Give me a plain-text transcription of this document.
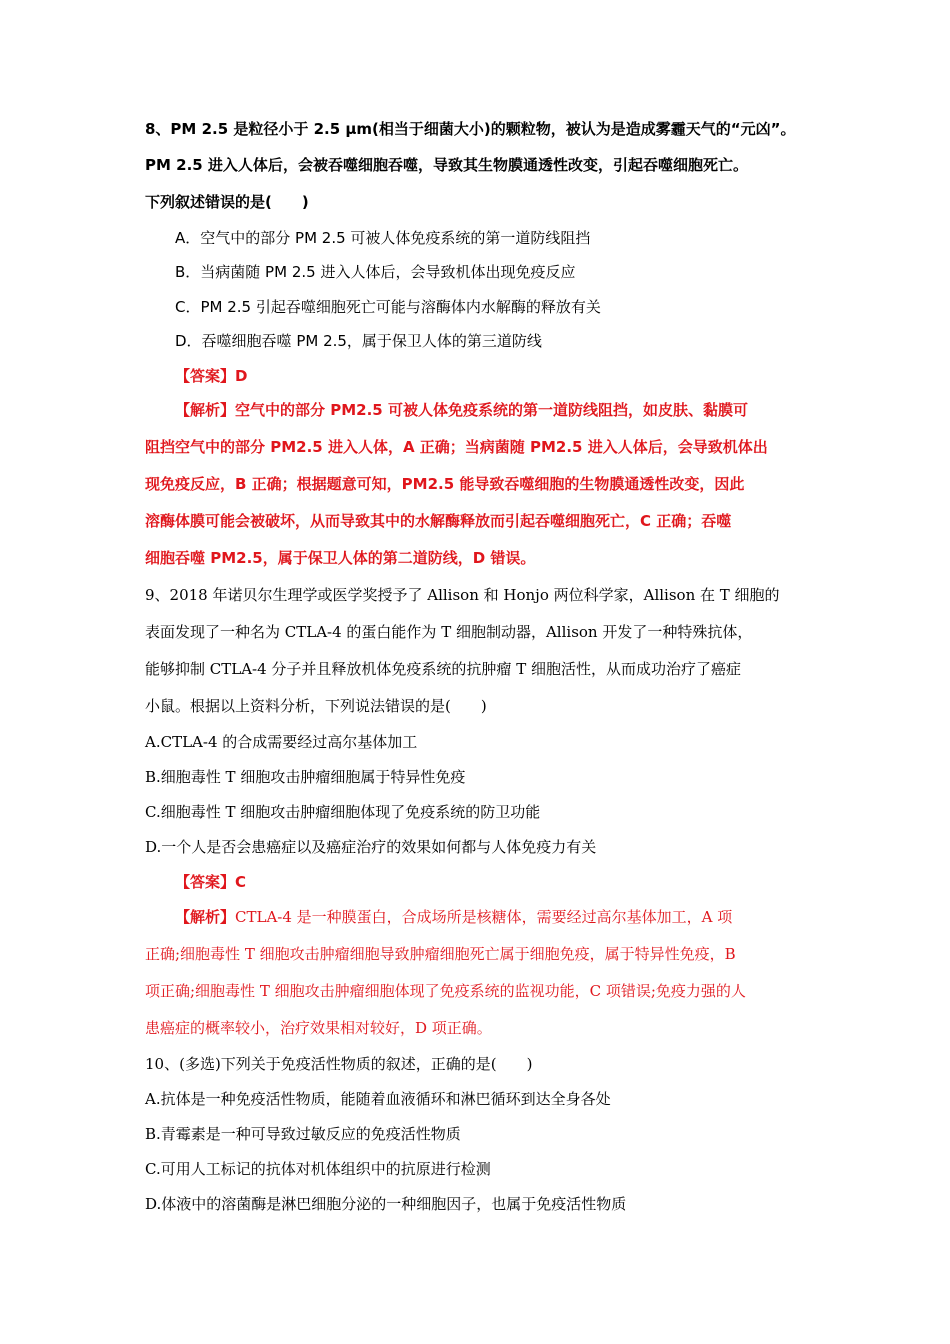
8、PM 2.5 是粒径小于 2.5 μm(相当于细菌大小)的颗粒物，被认为是造成雾霾天气的“元凶”。
PM 2.5 进入人体后，会被吞噬细胞吞噬，导致其生物膜通透性改变，引起吞噬细胞死亡。
下列叙述错误的是(　　)
A．空气中的部分 PM 2.5 可被人体免疫系统的第一道防线阻挡
B．当病菌随 PM 2.5 进入人体后，会导致机体出现免疫反应
C．PM 2.5 引起吞噬细胞死亡可能与溶酶体内水解酶的释放有关
D．吞噬细胞吞噬 PM 2.5，属于保卫人体的第三道防线
【答案】D
【解析】空气中的部分 PM2.5 可被人体免疫系统的第一道防线阻挡，如皮肤、黏膜可
阻挡空气中的部分 PM2.5 进入人体，A 正确；当病菌随 PM2.5 进入人体后，会导致机体出
现免疫反应，B 正确；根据题意可知，PM2.5 能导致吞噬细胞的生物膜通透性改变，因此
溶酶体膜可能会被破坏，从而导致其中的水解酶释放而引起吞噬细胞死亡，C 正确；吞噬
细胞吞噬 PM2.5，属于保卫人体的第二道防线，D 错误。
9、2018 年诺贝尔生理学或医学奖授予了 Allison 和 Honjo 两位科学家，Allison 在 T 细胞的
表面发现了一种名为 CTLA-4 的蛋白能作为 T 细胞制动器，Allison 开发了一种特殊抗体，
能够抑制 CTLA-4 分子并且释放机体免疫系统的抗肿瘤 T 细胞活性，从而成功治疗了癌症
小鼠。根据以上资料分析，下列说法错误的是(　　)
A.CTLA-4 的合成需要经过高尔基体加工
B.细胞毒性 T 细胞攻击肿瘤细胞属于特异性免疫
C.细胞毒性 T 细胞攻击肿瘤细胞体现了免疫系统的防卫功能
D.一个人是否会患癌症以及癌症治疗的效果如何都与人体免疫力有关
【答案】C
【解析】CTLA-4 是一种膜蛋白，合成场所是核糖体，需要经过高尔基体加工，A 项
正确;细胞毒性 T 细胞攻击肿瘤细胞导致肿瘤细胞死亡属于细胞免疫，属于特异性免疫，B
项正确;细胞毒性 T 细胞攻击肿瘤细胞体现了免疫系统的监视功能，C 项错误;免疫力强的人
患癌症的概率较小，治疗效果相对较好，D 项正确。
10、(多选)下列关于免疫活性物质的叙述，正确的是(　　)
A.抗体是一种免疫活性物质，能随着血液循环和淋巴循环到达全身各处
B.青霉素是一种可导致过敏反应的免疫活性物质
C.可用人工标记的抗体对机体组织中的抗原进行检测
D.体液中的溶菌酶是淋巴细胞分泌的一种细胞因子，也属于免疫活性物质
